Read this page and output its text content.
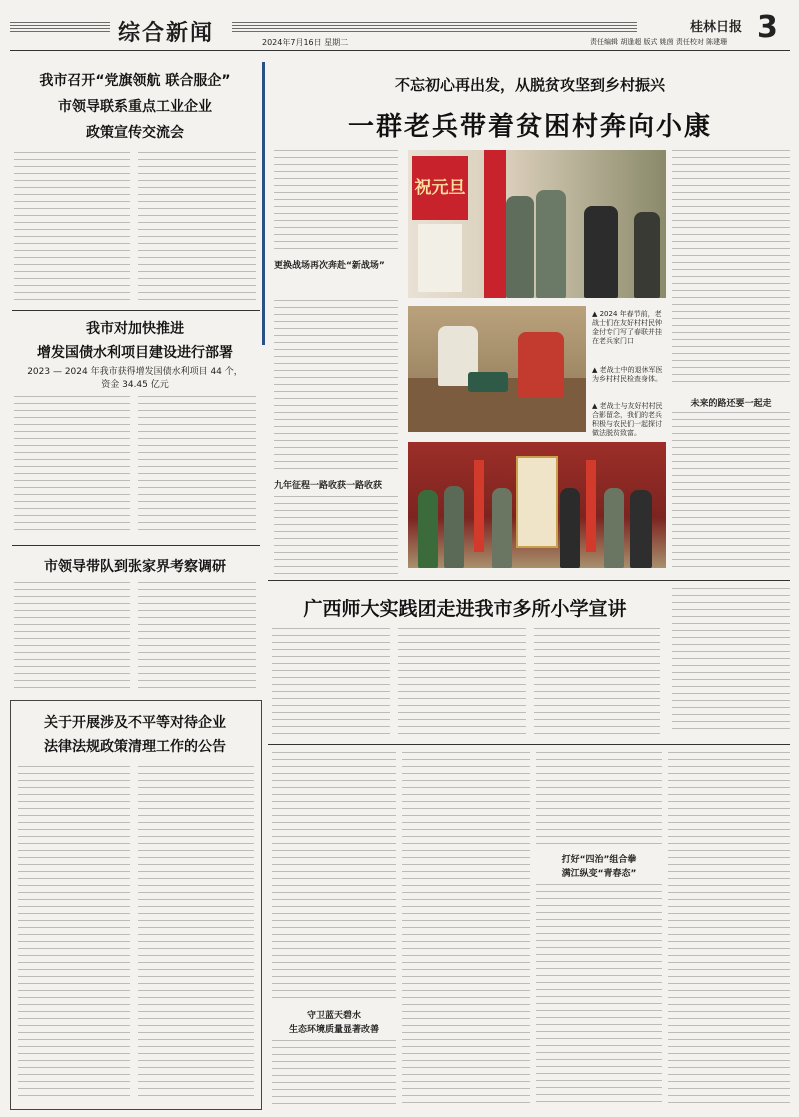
综合新闻	2024年7月16日 星期二	责任编辑 胡逢超 版式 姚茵 责任校对 陈建珊
桂林日报 3
我市召开“党旗领航 联合服企”
市领导联系重点工业企业
政策宣传交流会
我市对加快推进
增发国债水利项目建设进行部署
2023 — 2024 年我市获得增发国债水利项目 44 个，
资金 34.45 亿元
市领导带队到张家界考察调研
关于开展涉及不平等对待企业
法律法规政策清理工作的公告
不忘初心再出发，从脱贫攻坚到乡村振兴
一群老兵带着贫困村奔向小康
更换战场再次奔赴“新战场”
九年征程一路收获一路收获
祝元旦
▲ 2024 年春节前，老战士们在友好村村民钟金付专门写了春联并挂在老兵家门口
▲ 老战士中的退休军医为乡村村民检查身体。
▲ 老战士与友好村村民合影留念，我们的老兵积极与农民们一起探讨做法脱贫致富。
未来的路还要一起走
广西师大实践团走进我市多所小学宣讲
守卫蓝天碧水
生态环境质量显著改善
打好“四治”组合拳
满江纵变“青春态”
